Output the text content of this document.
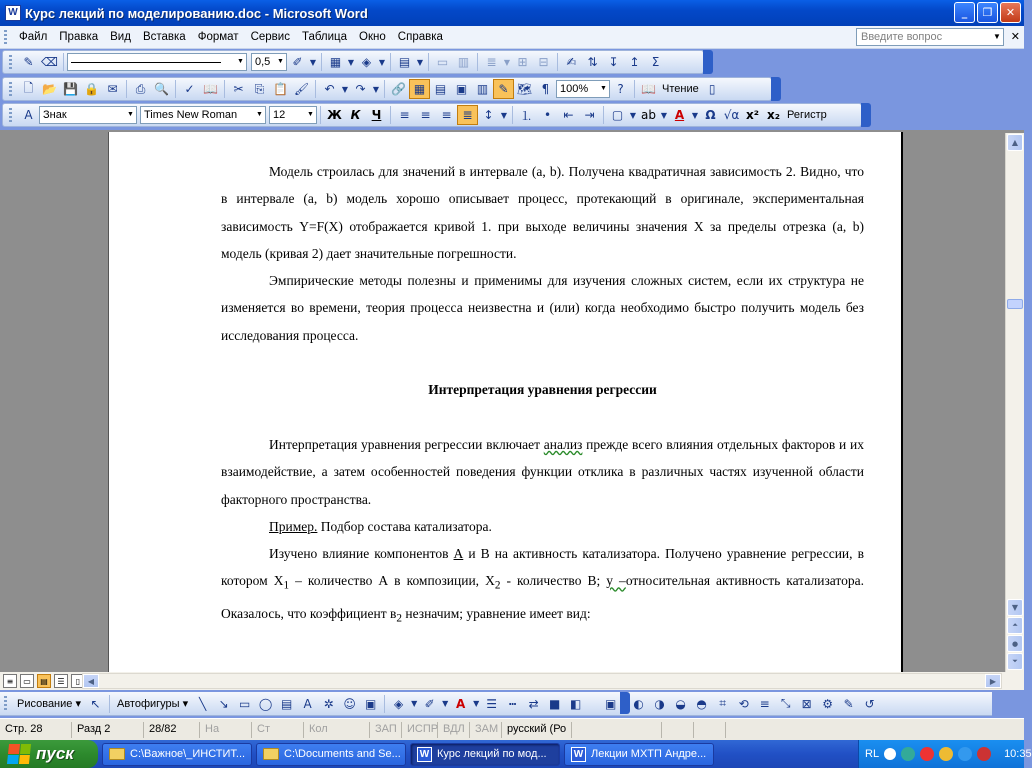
W Курс лекций по моделированию.doc - Microsoft Word	_	❐	✕
Файл	Правка	Вид	Вставка	Формат	Сервис	Таблица	Окно	Справка	Введите вопрос	▼ ✕
✎ ⌫	▼	0,5 ▼ ✐ ▼	▦ ▼ ◈ ▼	▤ ▼	▭ ▥	≣ ▼ ⊞ ⊟	✍ ⇅ ↧ ↥	Σ
🗋 📂 💾 🔒 ✉	⎙ 🔍	✓ 📖	✂ ⎘ 📋 🖌	↶ ▼ ↷ ▼ 🔗 ▦ ▤ ▣ ▥ ✎ 🗺 ¶ 100% ▼ ?	📖 Чтение ▯
A Знак	▼ Times New Roman	▼ 12	▼ Ж К Ч	≡ ≡ ≡ ≣ ↕ ▼	⒈ •	⇤ ⇥	▢ ▼ ab ▼ A ▼ Ω √α x² x₂ Регистр

Модель строилась для значений в интервале (a, b). Получена квадратичная зависимость 2. Видно, что в интервале (a, b) модель хорошо описывает процесс, протекающий в оригинале, экспериментальная зависимость Y=F(X) отображается кривой 1. при выходе величины значения X за пределы отрезка (a, b) модель (кривая 2) дает значительные погрешности.

Эмпирические методы полезны и применимы для изучения сложных систем, если их структура не изменяется во времени, теория процесса неизвестна и (или) когда необходимо быстро получить модель без исследования процесса.

Интерпретация уравнения регрессии

Интерпретация уравнения регрессии включает анализ прежде всего влияния отдельных факторов и их взаимодействие, а затем особенностей поведения функции отклика в различных частях изученной области факторного пространства.

Пример. Подбор состава катализатора.

Изучено влияние компонентов А и В на активность катализатора. Получено уравнение регрессии, в котором $X_1$ – количество А в композиции, $X_2$ - количество В; у –относительная активность катализатора. Оказалось, что коэффициент $в_2$ незначим; уравнение имеет вид:

▲
▼
⏶
●
⏷
≡	▭	▤	☰	▯ ◀	▶
Рисование ▾ ↖	Автофигуры ▾ ╲	↘ ▭ ◯ ▤ A ✲ ☺ ▣	◈ ▼ ✐ ▼ A ▼ ☰	┅	⇄ ■ ◧	▣	◐ ◑ ◒ ◓	⌗	⟲ ≡ ⤡ ⊠ ⚙ ✎ ↺
Стр. 28	Разд 2	28/82	На	Ст	Кол	ЗАП ИСПР ВДЛ ЗАМ русский (Ро
пуск	C:\Важное\_ИНСТИТ...	C:\Documents and Se... W Курс лекций по мод...	W Лекции МХТП Андре...	RL	10:35
